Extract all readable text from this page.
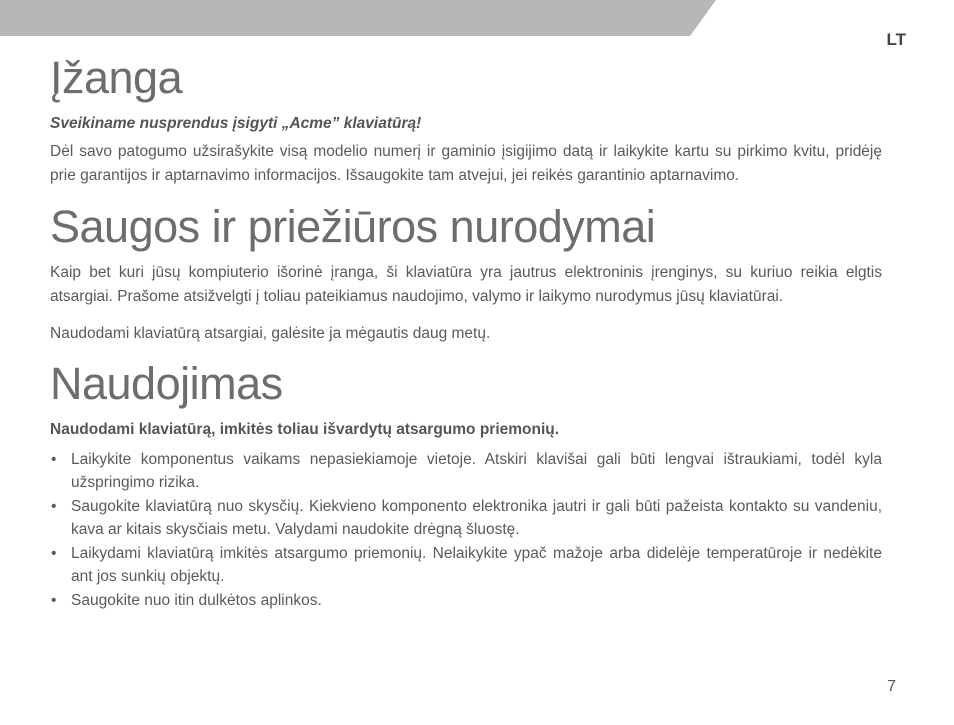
LT
Įžanga
Sveikiname nusprendus įsigyti „Acme” klaviatūrą!

Dėl savo patogumo užsirašykite visą modelio numerį ir gaminio įsigijimo datą ir laikykite kartu su pirkimo kvitu, pridėję prie garantijos ir aptarnavimo informacijos. Išsaugokite tam atvejui, jei reikės garantinio aptarnavimo.

Saugos ir priežiūros nurodymai

Kaip bet kuri jūsų kompiuterio išorinė įranga, ši klaviatūra yra jautrus elektroninis įrenginys, su kuriuo reikia elgtis atsargiai. Prašome atsižvelgti į toliau pateikiamus naudojimo, valymo ir laikymo nurodymus jūsų klaviatūrai.

Naudodami klaviatūrą atsargiai, galėsite ja mėgautis daug metų.

Naudojimas
Naudodami klaviatūrą, imkitės toliau išvardytų atsargumo priemonių.
• Laikykite komponentus vaikams nepasiekiamoje vietoje. Atskiri klavišai gali būti lengvai ištraukiami, todėl kyla užspringimo rizika.
• Saugokite klaviatūrą nuo skysčių. Kiekvieno komponento elektronika jautri ir gali būti pažeista kontakto su vandeniu, kava ar kitais skysčiais metu. Valydami naudokite drėgną šluostę.
• Laikydami klaviatūrą imkitės atsargumo priemonių. Nelaikykite ypač mažoje arba didelėje temperatūroje ir nedėkite ant jos sunkių objektų.
• Saugokite nuo itin dulkėtos aplinkos.
7
